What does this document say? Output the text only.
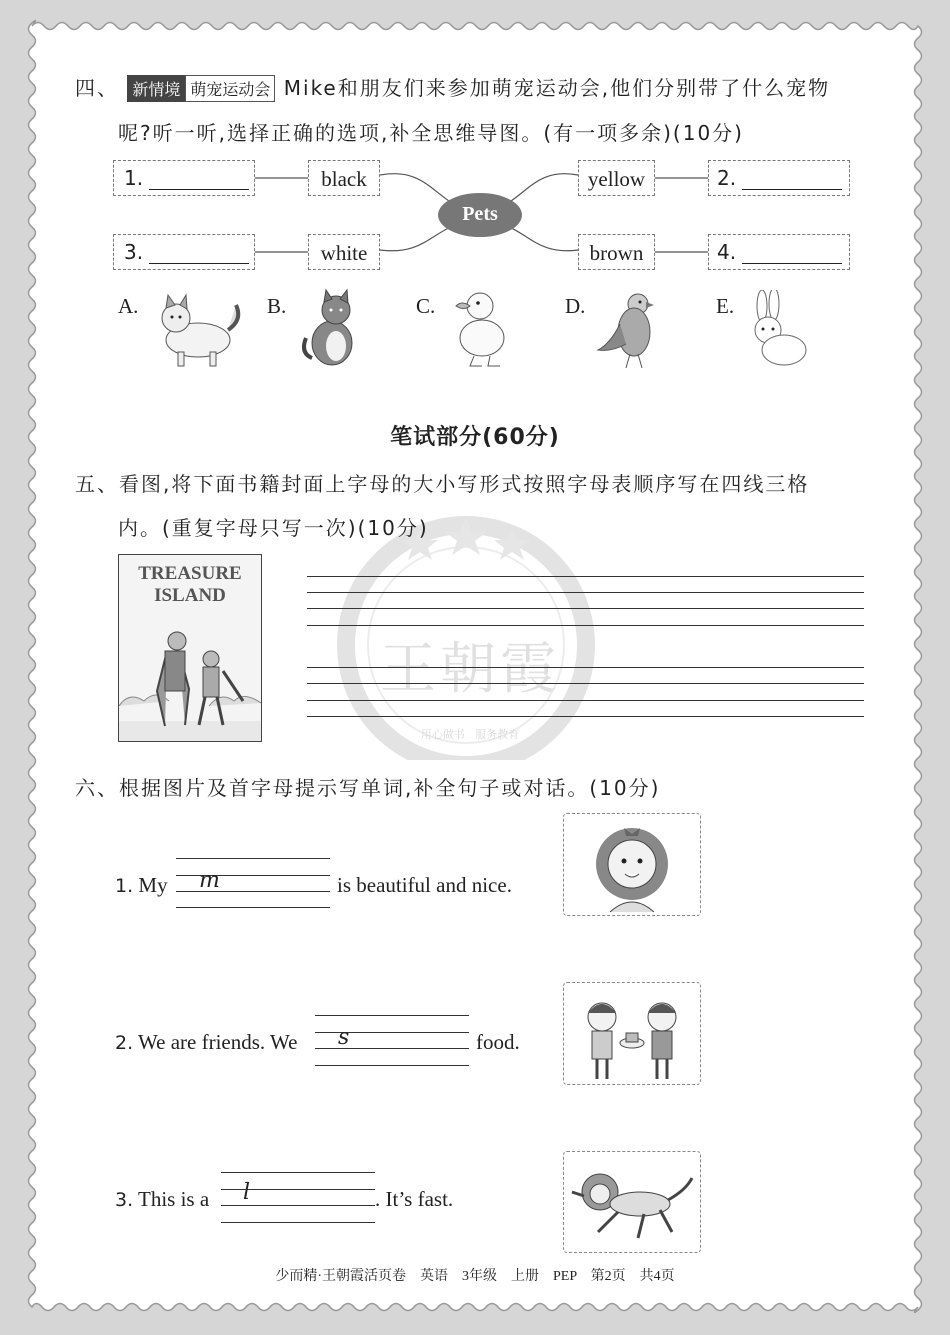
四、 新情境 萌宠运动会 Mike和朋友们来参加萌宠运动会,他们分别带了什么宠物
呢?听一听,选择正确的选项,补全思维导图。(有一项多余)(10分)
Pets
1.	black	yellow	2.
3.	white	brown	4.
A.	B.	C.	D.	E.
笔试部分(60分)
王朝霞
用心做书   服务教育
五、看图,将下面书籍封面上字母的大小写形式按照字母表顺序写在四线三格
内。(重复字母只写一次)(10分)
TREASURE
ISLAND
六、根据图片及首字母提示写单词,补全句子或对话。(10分)
1. My m	is beautiful and nice.
2. We are friends. We s	food.
3. This is a l	. It’s fast.
少而精·王朝霞活页卷    英语    3年级    上册    PEP    第2页    共4页
